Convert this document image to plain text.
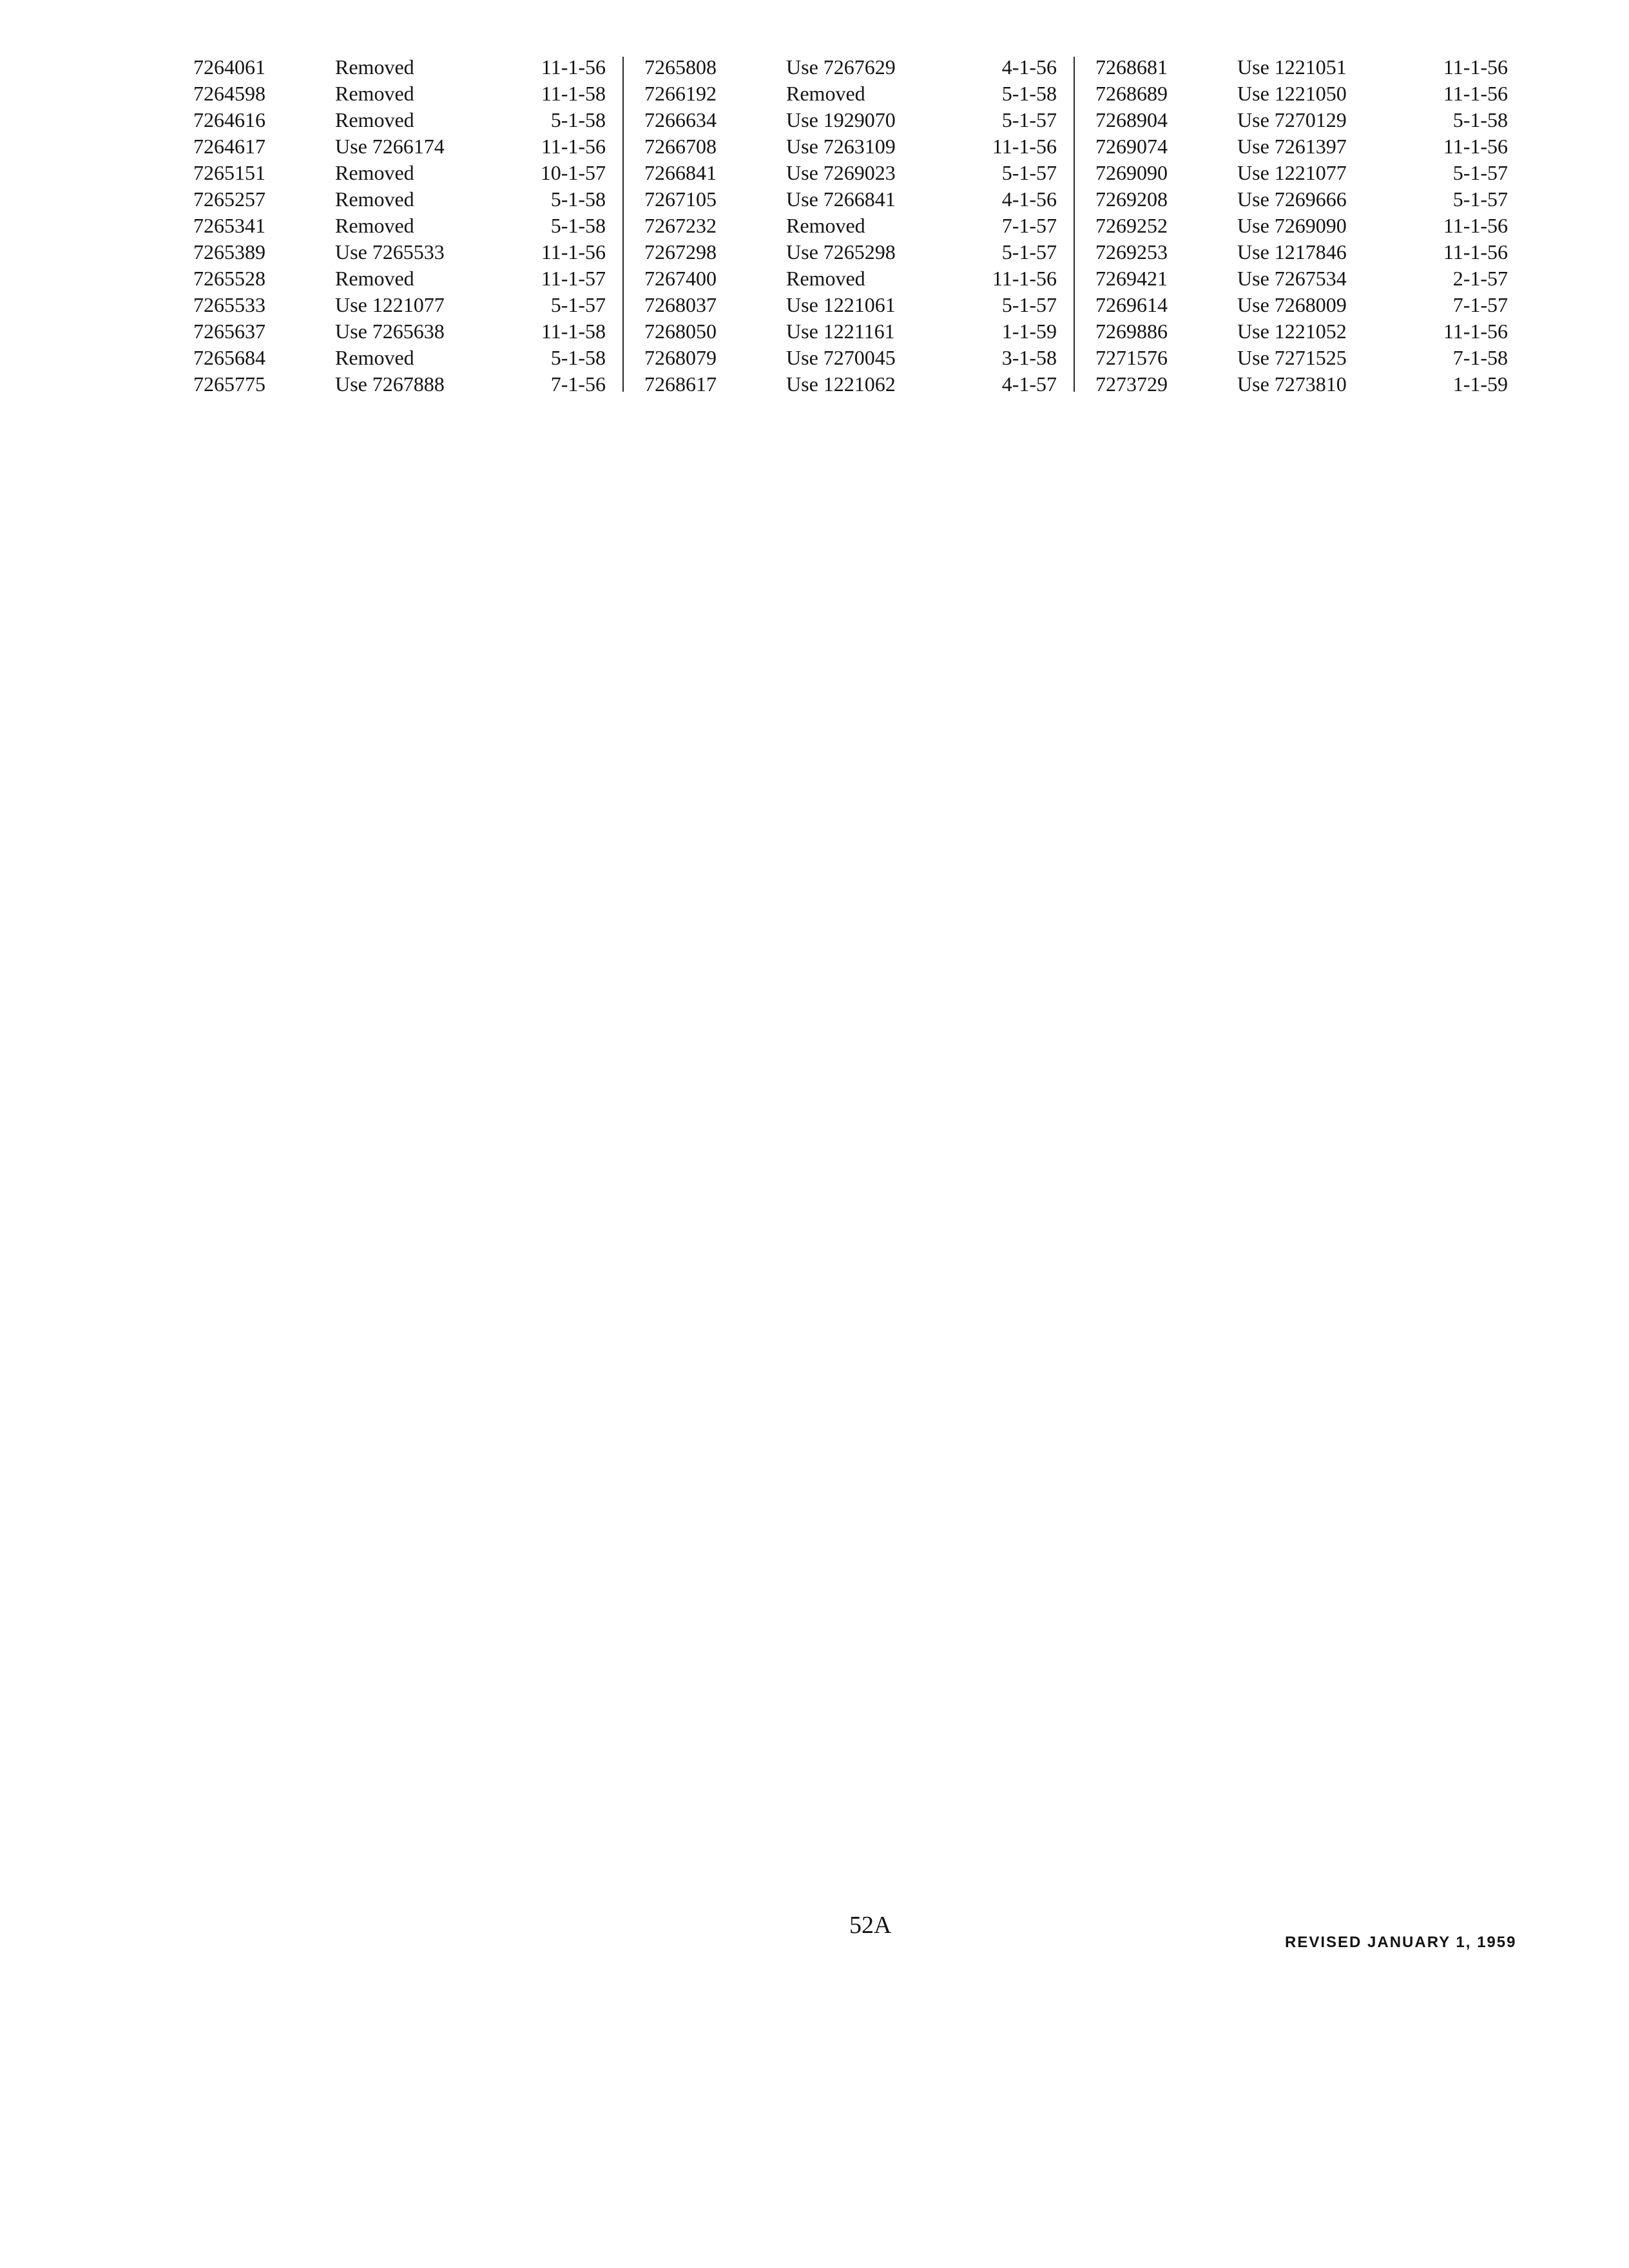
7264061	Removed	11-1-56
7264598	Removed	11-1-58
7264616	Removed	5-1-58
7264617	Use 7266174	11-1-56
7265151	Removed	10-1-57
7265257	Removed	5-1-58
7265341	Removed	5-1-58
7265389	Use 7265533	11-1-56
7265528	Removed	11-1-57
7265533	Use 1221077	5-1-57
7265637	Use 7265638	11-1-58
7265684	Removed	5-1-58
7265775	Use 7267888	7-1-56
7265808	Use 7267629	4-1-56
7266192	Removed	5-1-58
7266634	Use 1929070	5-1-57
7266708	Use 7263109	11-1-56
7266841	Use 7269023	5-1-57
7267105	Use 7266841	4-1-56
7267232	Removed	7-1-57
7267298	Use 7265298	5-1-57
7267400	Removed	11-1-56
7268037	Use 1221061	5-1-57
7268050	Use 1221161	1-1-59
7268079	Use 7270045	3-1-58
7268617	Use 1221062	4-1-57
7268681	Use 1221051	11-1-56
7268689	Use 1221050	11-1-56
7268904	Use 7270129	5-1-58
7269074	Use 7261397	11-1-56
7269090	Use 1221077	5-1-57
7269208	Use 7269666	5-1-57
7269252	Use 7269090	11-1-56
7269253	Use 1217846	11-1-56
7269421	Use 7267534	2-1-57
7269614	Use 7268009	7-1-57
7269886	Use 1221052	11-1-56
7271576	Use 7271525	7-1-58
7273729	Use 7273810	1-1-59
52A
REVISED JANUARY 1, 1959
